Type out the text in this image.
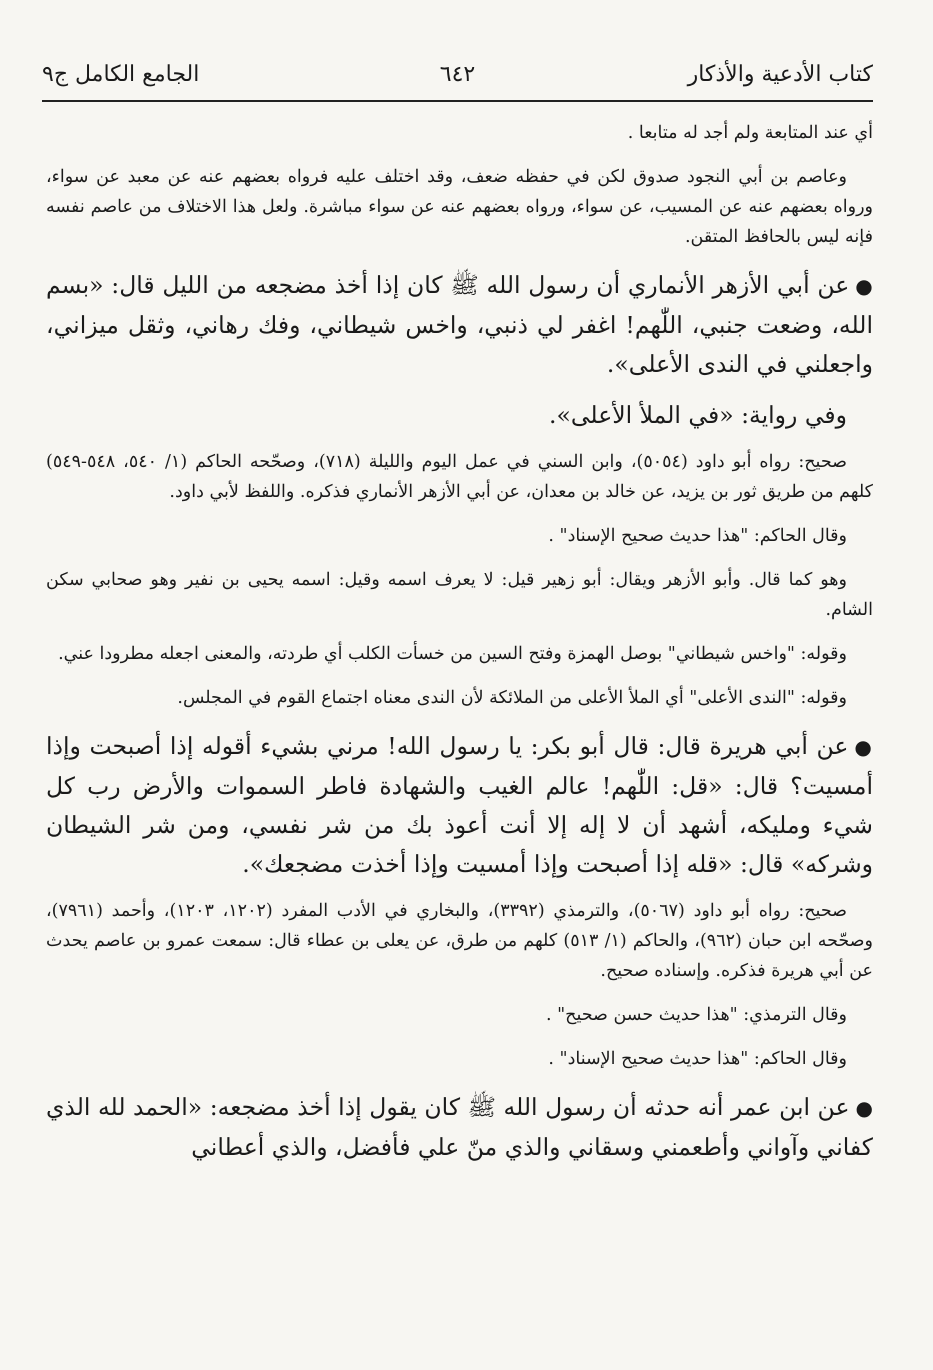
كتاب الأدعية والأذكار
٦٤٢
الجامع الكامل ج٩

أي عند المتابعة ولم أجد له متابعا .

وعاصم بن أبي النجود صدوق لكن في حفظه ضعف، وقد اختلف عليه فرواه بعضهم عنه عن معبد عن سواء، ورواه بعضهم عنه عن المسيب، عن سواء، ورواه بعضهم عنه عن سواء مباشرة. ولعل هذا الاختلاف من عاصم نفسه فإنه ليس بالحافظ المتقن.

●عن أبي الأزهر الأنماري أن رسول الله ﷺ كان إذا أخذ مضجعه من الليل قال: «بسم الله، وضعت جنبي، اللّٰهم! اغفر لي ذنبي، واخس شيطاني، وفك رهاني، وثقل ميزاني، واجعلني في الندى الأعلى».

وفي رواية: «في الملأ الأعلى».

صحيح: رواه أبو داود (٥٠٥٤)، وابن السني في عمل اليوم والليلة (٧١٨)، وصحّحه الحاكم (١/ ٥٤٠، ٥٤٨-٥٤٩) كلهم من طريق ثور بن يزيد، عن خالد بن معدان، عن أبي الأزهر الأنماري فذكره. واللفظ لأبي داود.

وقال الحاكم: "هذا حديث صحيح الإسناد" .

وهو كما قال. وأبو الأزهر ويقال: أبو زهير قيل: لا يعرف اسمه وقيل: اسمه يحيى بن نفير وهو صحابي سكن الشام.

وقوله: "واخس شيطاني" بوصل الهمزة وفتح السين من خسأت الكلب أي طردته، والمعنى اجعله مطرودا عني.

وقوله: "الندى الأعلى" أي الملأ الأعلى من الملائكة لأن الندى معناه اجتماع القوم في المجلس.

●عن أبي هريرة قال: قال أبو بكر: يا رسول الله! مرني بشيء أقوله إذا أصبحت وإذا أمسيت؟ قال: «قل: اللّٰهم! عالم الغيب والشهادة فاطر السموات والأرض رب كل شيء ومليكه، أشهد أن لا إله إلا أنت أعوذ بك من شر نفسي، ومن شر الشيطان وشركه» قال: «قله إذا أصبحت وإذا أمسيت وإذا أخذت مضجعك».

صحيح: رواه أبو داود (٥٠٦٧)، والترمذي (٣٣٩٢)، والبخاري في الأدب المفرد (١٢٠٢، ١٢٠٣)، وأحمد (٧٩٦١)، وصحّحه ابن حبان (٩٦٢)، والحاكم (١/ ٥١٣) كلهم من طرق، عن يعلى بن عطاء قال: سمعت عمرو بن عاصم يحدث عن أبي هريرة فذكره. وإسناده صحيح.

وقال الترمذي: "هذا حديث حسن صحيح" .

وقال الحاكم: "هذا حديث صحيح الإسناد" .

●عن ابن عمر أنه حدثه أن رسول الله ﷺ كان يقول إذا أخذ مضجعه: «الحمد لله الذي كفاني وآواني وأطعمني وسقاني والذي منّ علي فأفضل، والذي أعطاني
